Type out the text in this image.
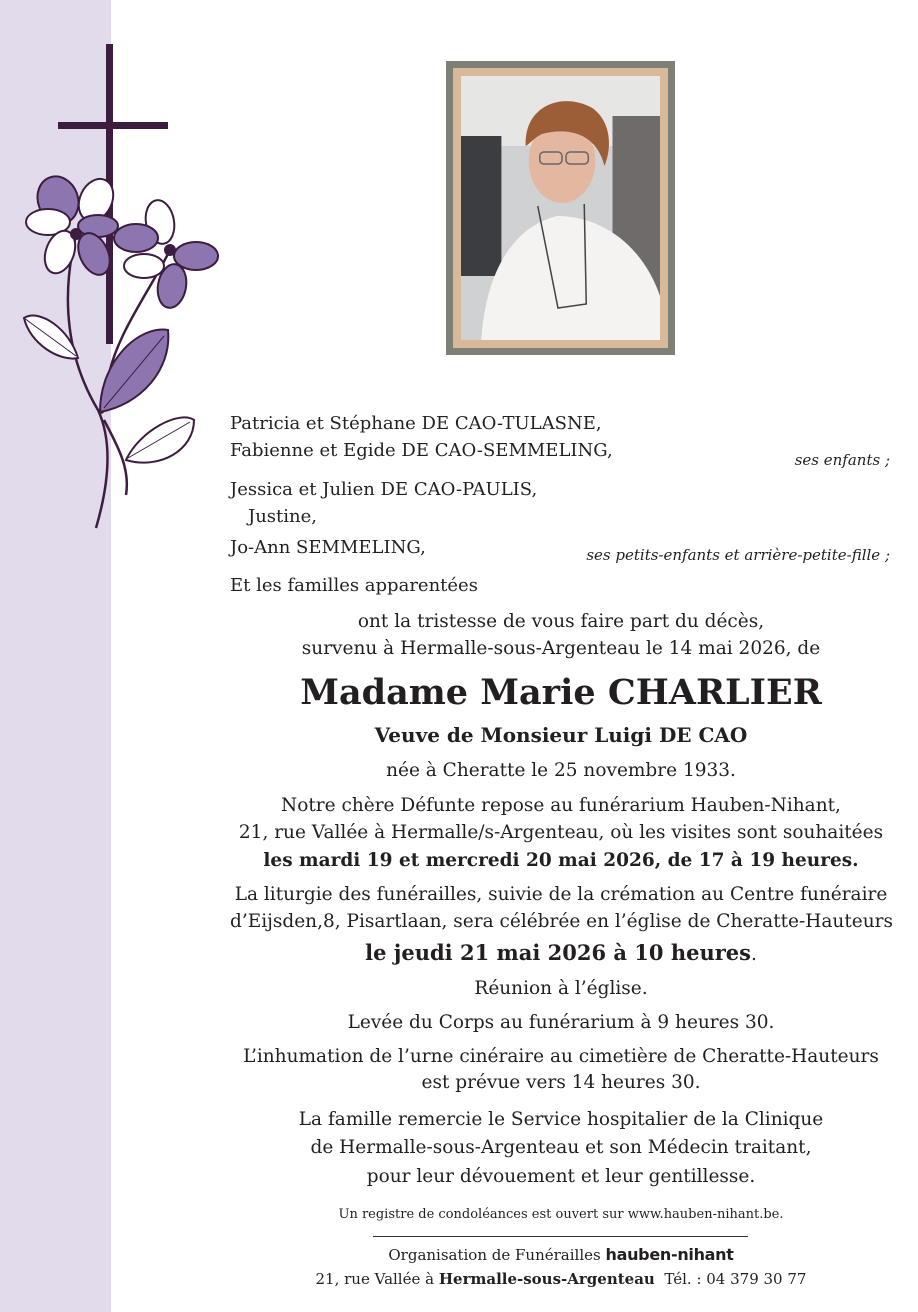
Patricia et Stéphane DE CAO-TULASNE,
Fabienne et Egide DE CAO-SEMMELING,	ses enfants ;
Jessica et Julien DE CAO-PAULIS,
Justine,
Jo-Ann SEMMELING,	ses petits-enfants et arrière-petite-fille ;
Et les familles apparentées
ont la tristesse de vous faire part du décès,
survenu à Hermalle-sous-Argenteau le 14 mai 2026, de
Madame Marie CHARLIER
Veuve de Monsieur Luigi DE CAO
née à Cheratte le 25 novembre 1933.
Notre chère Défunte repose au funérarium Hauben-Nihant,
21, rue Vallée à Hermalle/s-Argenteau, où les visites sont souhaitées
les mardi 19 et mercredi 20 mai 2026, de 17 à 19 heures.
La liturgie des funérailles, suivie de la crémation au Centre funéraire
d’Eijsden,8, Pisartlaan, sera célébrée en l’église de Cheratte-Hauteurs
le jeudi 21 mai 2026 à 10 heures.
Réunion à l’église.
Levée du Corps au funérarium à 9 heures 30.
L’inhumation de l’urne cinéraire au cimetière de Cheratte-Hauteurs
est prévue vers 14 heures 30.
La famille remercie le Service hospitalier de la Clinique
de Hermalle-sous-Argenteau et son Médecin traitant,
pour leur dévouement et leur gentillesse.
Un registre de condoléances est ouvert sur www.hauben-nihant.be.
Organisation de Funérailles hauben-nihant
21, rue Vallée à Hermalle-sous-Argenteau Tél. : 04 379 30 77
